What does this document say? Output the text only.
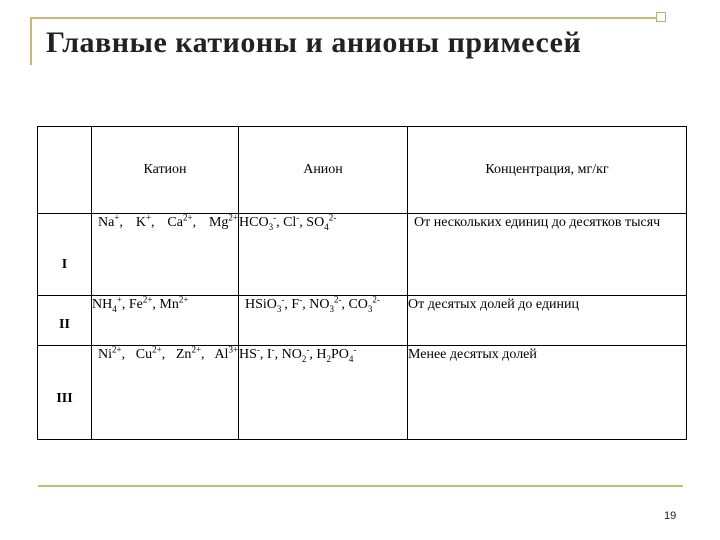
Главные катионы и анионы примесей
	Катион	Анион	Концентрация, мг/кг

I	Na+, K+, $Ca^{2+}$, $Mg^{2+}$	$HCO_3^-$, Cl-, $SO_4^{2-}$	От нескольких единиц до десятков тысяч

II	$NH_4^+$, $Fe^{2+}$, $Mn^{2+}$	HSiO$_3$-, F-, $NO_3^{2-}$, $CO_3^{2-}$	От десятых долей до единиц

III	$Ni^{2+}$, $Cu^{2+}$, $Zn^{2+}$, $Al^{3+}$	HS-, I-, $NO_2^-$, $H_2PO_4^-$	Менее десятых долей
19
